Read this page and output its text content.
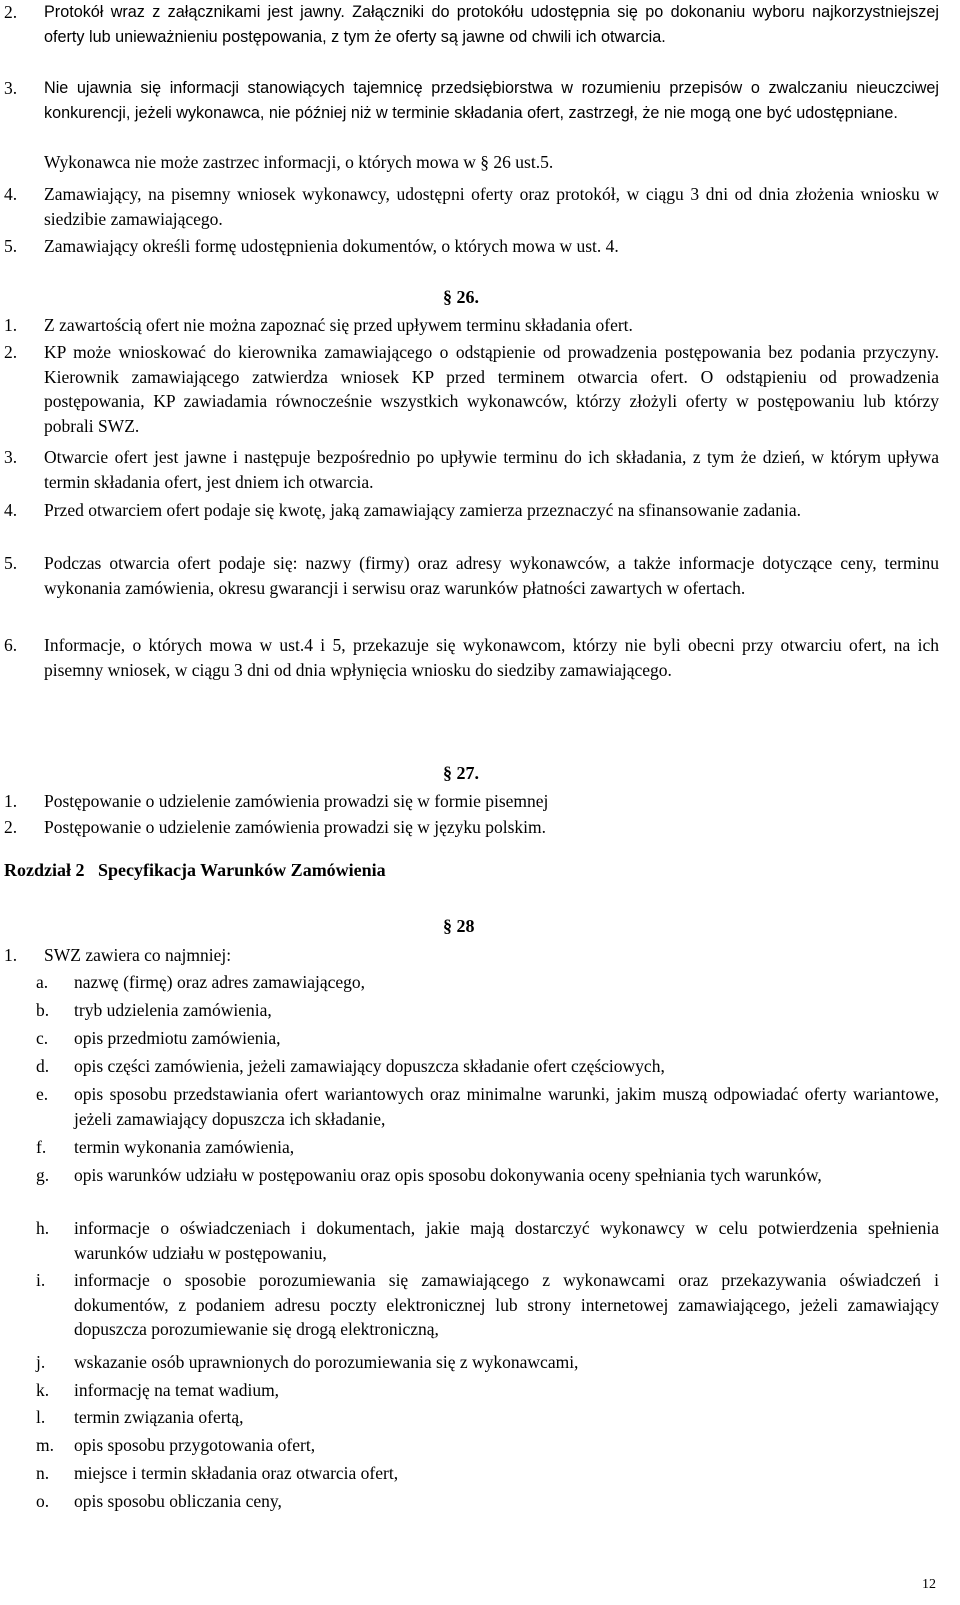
2. Protokół wraz z załącznikami jest jawny. Załączniki do protokółu udostępnia się po dokonaniu wyboru najkorzystniejszej oferty lub unieważnieniu postępowania, z tym że oferty są jawne od chwili ich otwarcia.
3. Nie ujawnia się informacji stanowiących tajemnicę przedsiębiorstwa w rozumieniu przepisów o zwalczaniu nieuczciwej konkurencji, jeżeli wykonawca, nie później niż w terminie składania ofert, zastrzegł, że nie mogą one być udostępniane.
Wykonawca nie może zastrzec informacji, o których mowa w § 26 ust.5.
4. Zamawiający, na pisemny wniosek wykonawcy, udostępni oferty oraz protokół, w ciągu 3 dni od dnia złożenia wniosku w siedzibie zamawiającego.
5. Zamawiający określi formę udostępnienia dokumentów, o których mowa w ust. 4.
§ 26.
1. Z zawartością ofert nie można zapoznać się przed upływem terminu składania ofert.
2. KP może wnioskować do kierownika zamawiającego o odstąpienie od prowadzenia postępowania bez podania przyczyny. Kierownik zamawiającego zatwierdza wniosek KP przed terminem otwarcia ofert. O odstąpieniu od prowadzenia postępowania, KP zawiadamia równocześnie wszystkich wykonawców, którzy złożyli oferty w postępowaniu lub którzy pobrali SWZ.
3. Otwarcie ofert jest jawne i następuje bezpośrednio po upływie terminu do ich składania, z tym że dzień, w którym upływa termin składania ofert, jest dniem ich otwarcia.
4. Przed otwarciem ofert podaje się kwotę, jaką zamawiający zamierza przeznaczyć na sfinansowanie zadania.
5. Podczas otwarcia ofert podaje się: nazwy (firmy) oraz adresy wykonawców, a także informacje dotyczące ceny, terminu wykonania zamówienia, okresu gwarancji i serwisu oraz warunków płatności zawartych w ofertach.
6. Informacje, o których mowa w ust.4 i 5, przekazuje się wykonawcom, którzy nie byli obecni przy otwarciu ofert, na ich pisemny wniosek, w ciągu 3 dni od dnia wpłynięcia wniosku do siedziby zamawiającego.
§ 27.
1. Postępowanie o udzielenie zamówienia prowadzi się w formie pisemnej
2. Postępowanie o udzielenie zamówienia prowadzi się w języku polskim.
Rozdział 2   Specyfikacja Warunków Zamówienia
§ 28
1. SWZ zawiera co najmniej:
a. nazwę (firmę) oraz adres zamawiającego,
b. tryb udzielenia zamówienia,
c. opis przedmiotu zamówienia,
d. opis części zamówienia, jeżeli zamawiający dopuszcza składanie ofert częściowych,
e. opis sposobu przedstawiania ofert wariantowych oraz minimalne warunki, jakim muszą odpowiadać oferty wariantowe, jeżeli zamawiający dopuszcza ich składanie,
f. termin wykonania zamówienia,
g. opis warunków udziału w postępowaniu oraz opis sposobu dokonywania oceny spełniania tych warunków,
h. informacje o oświadczeniach i dokumentach, jakie mają dostarczyć wykonawcy w celu potwierdzenia spełnienia warunków udziału w postępowaniu,
i. informacje o sposobie porozumiewania się zamawiającego z wykonawcami oraz przekazywania oświadczeń i dokumentów, z podaniem adresu poczty elektronicznej lub strony internetowej zamawiającego, jeżeli zamawiający dopuszcza porozumiewanie się drogą elektroniczną,
j. wskazanie osób uprawnionych do porozumiewania się z wykonawcami,
k. informację na temat wadium,
l. termin związania ofertą,
m. opis sposobu przygotowania ofert,
n. miejsce i termin składania oraz otwarcia ofert,
o. opis sposobu obliczania ceny,
12
